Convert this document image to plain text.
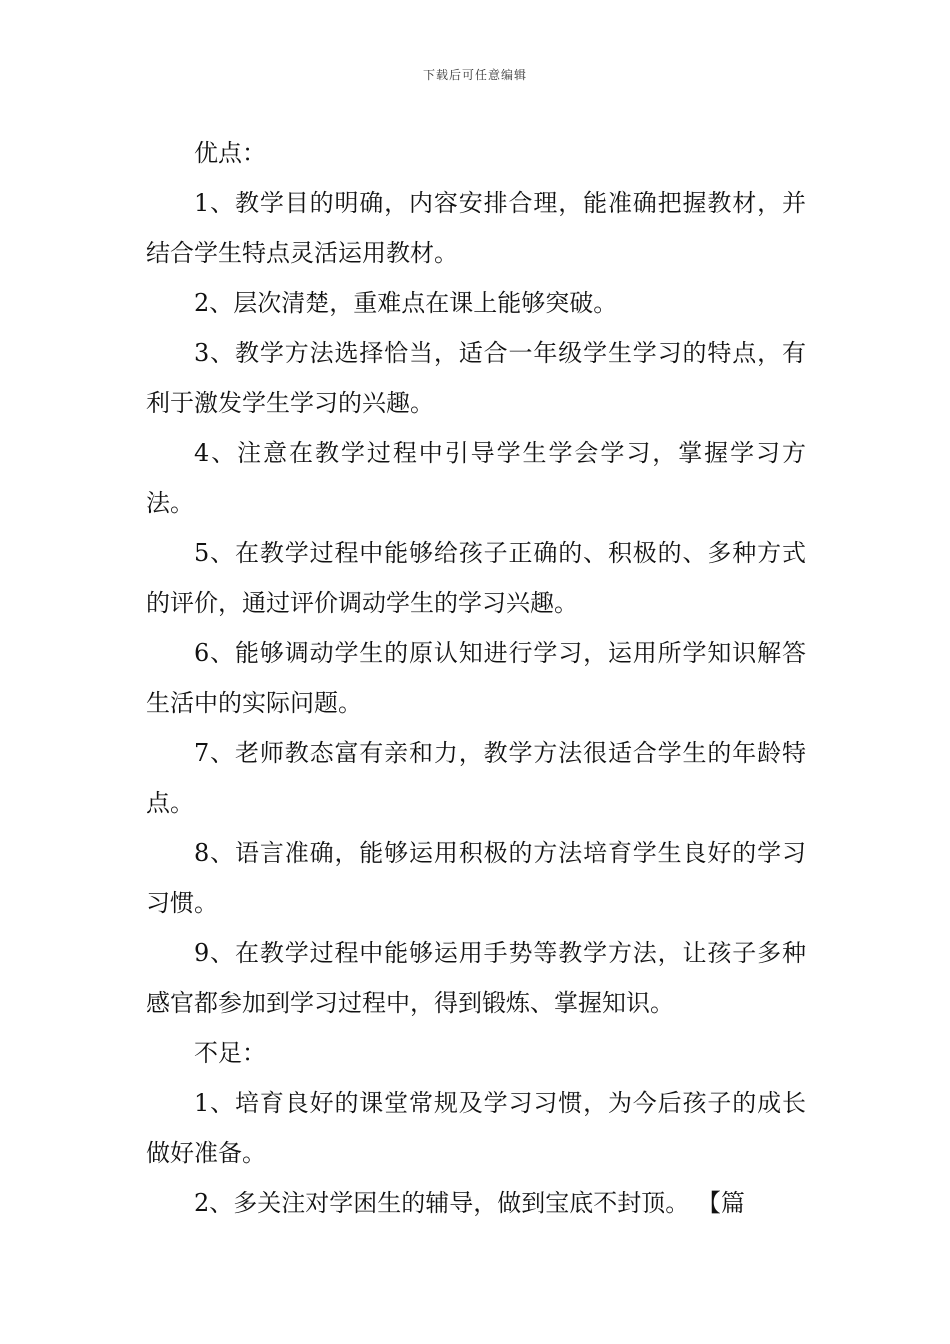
下载后可任意编辑

优点：

1、教学目的明确，内容安排合理，能准确把握教材，并结合学生特点灵活运用教材。

2、层次清楚，重难点在课上能够突破。

3、教学方法选择恰当，适合一年级学生学习的特点，有利于激发学生学习的兴趣。

4、注意在教学过程中引导学生学会学习，掌握学习方法。

5、在教学过程中能够给孩子正确的、积极的、多种方式的评价，通过评价调动学生的学习兴趣。

6、能够调动学生的原认知进行学习，运用所学知识解答生活中的实际问题。

7、老师教态富有亲和力，教学方法很适合学生的年龄特点。

8、语言准确，能够运用积极的方法培育学生良好的学习习惯。

9、在教学过程中能够运用手势等教学方法，让孩子多种感官都参加到学习过程中，得到锻炼、掌握知识。

不足：

1、培育良好的课堂常规及学习习惯，为今后孩子的成长做好准备。

2、多关注对学困生的辅导，做到宝底不封顶。 【篇
